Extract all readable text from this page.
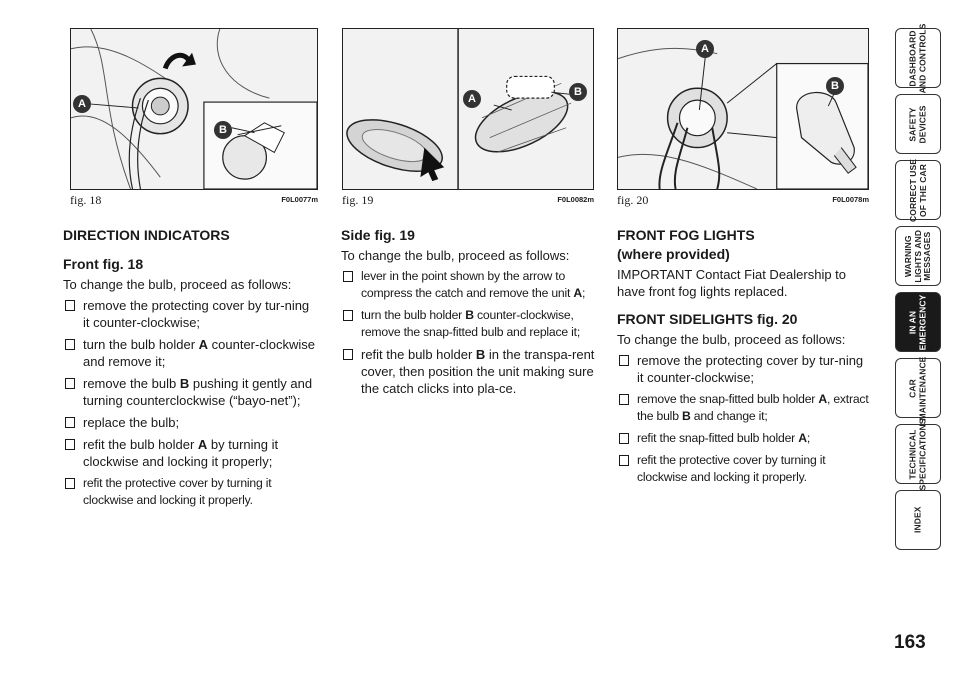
A
B
fig. 18	F0L0077m
A
B
fig. 19	F0L0082m
A
B
fig. 20	F0L0078m
DIRECTION INDICATORS
Front fig. 18
To change the bulb, proceed as follows:
remove the protecting cover by tur-ning it counter-clockwise;
turn the bulb holder A counter-clockwise and remove it;
remove the bulb B pushing it gently and turning counterclockwise (“bayo-net”);
replace the bulb;
refit the bulb holder A by turning it clockwise and locking it properly;
refit the protective cover by turning it clockwise and locking it properly.
Side fig. 19
To change the bulb, proceed as follows:
lever in the point shown by the arrow to compress the catch and remove the unit A;
turn the bulb holder B counter-clockwise, remove the snap-fitted bulb and replace it;
refit the bulb holder B in the transpa-rent cover, then position the unit making sure the catch clicks into pla-ce.
FRONT FOG LIGHTS
(where provided)
IMPORTANT Contact Fiat Dealership to have front fog lights replaced.
FRONT SIDELIGHTS fig. 20
To change the bulb, proceed as follows:
remove the protecting cover by tur-ning it counter-clockwise;
remove the snap-fitted bulb holder A, extract the bulb B and change it;
refit the snap-fitted bulb holder A;
refit the protective cover by turning it clockwise and locking it properly.
DASHBOARD
AND CONTROLS
SAFETY
DEVICES
CORRECT USE
OF THE CAR
WARNING
LIGHTS AND
MESSAGES
IN AN
EMERGENCY
CAR
MAINTENANCE
TECHNICAL
SPECIFICATIONS
INDEX
163
